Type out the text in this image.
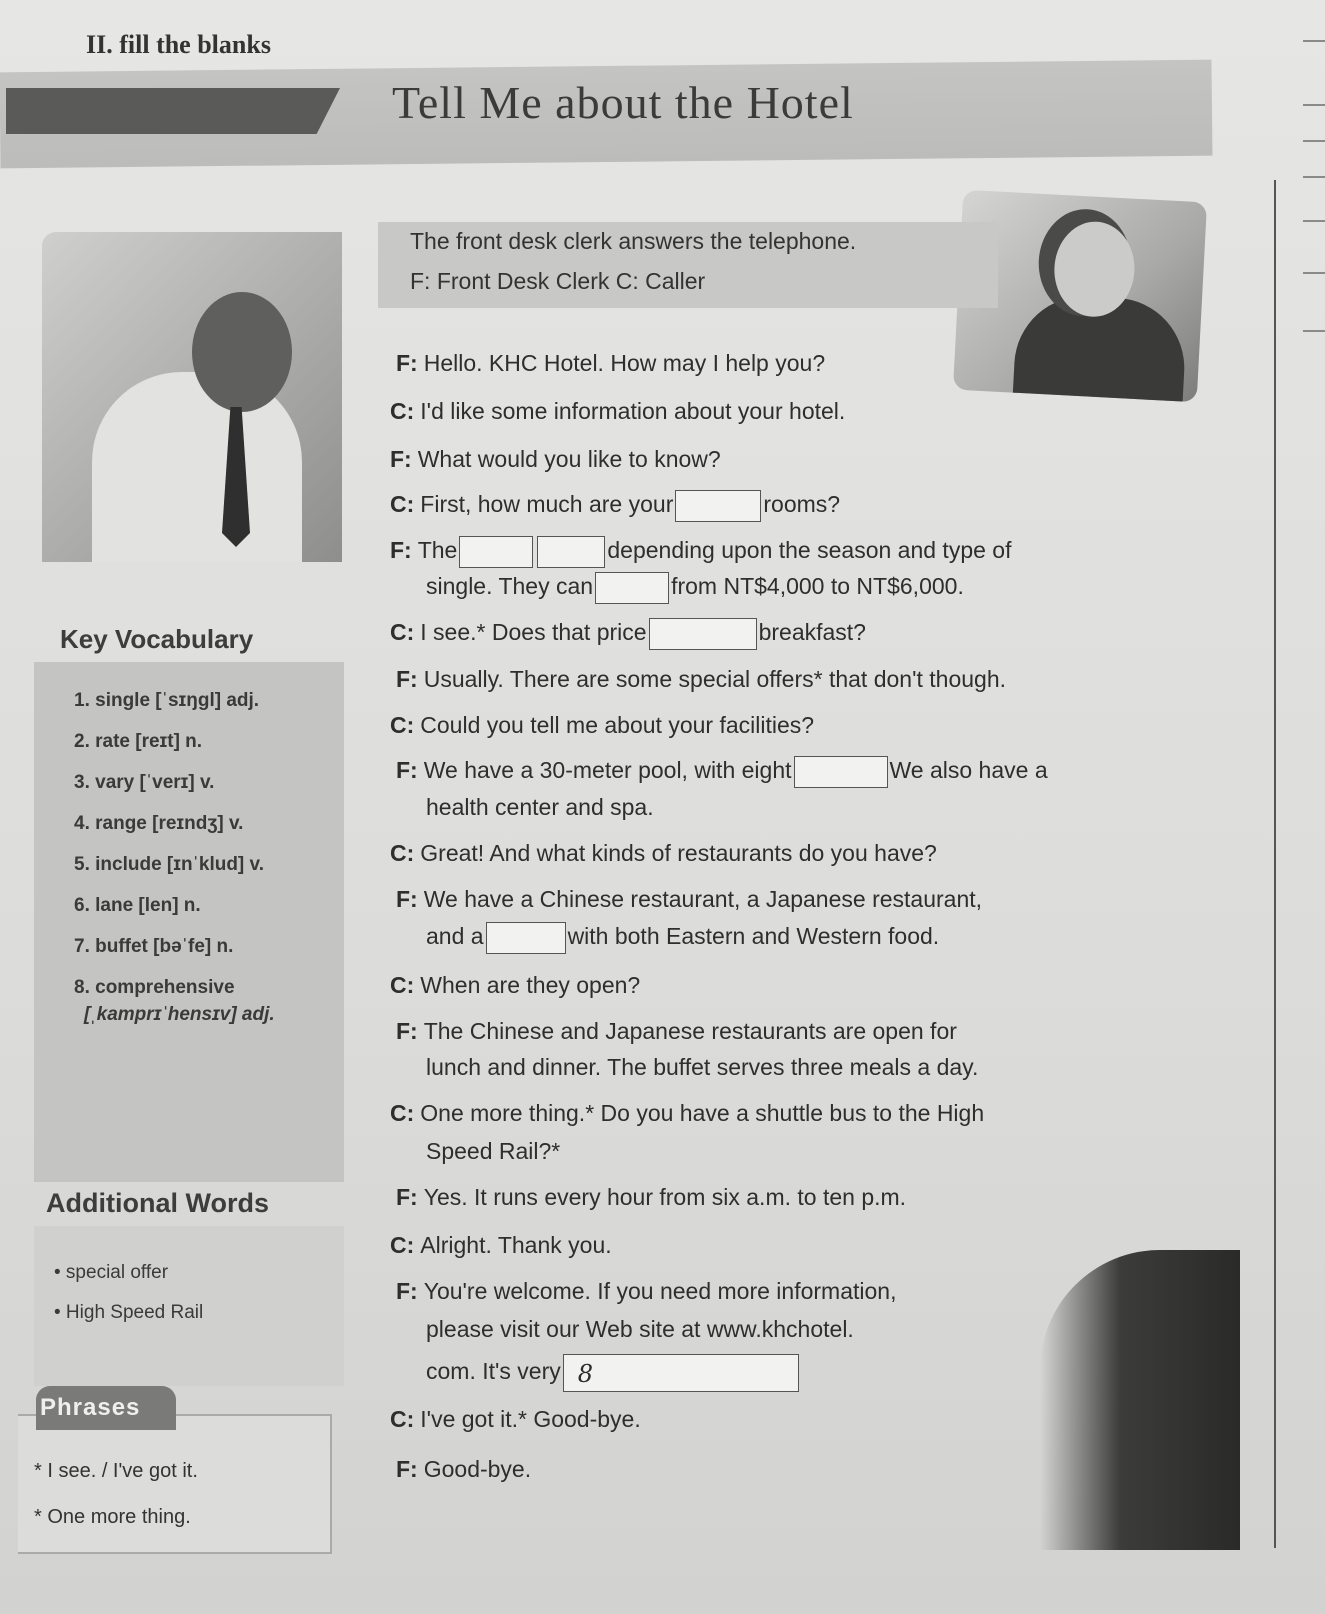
II. fill the blanks
Tell Me about the Hotel
The front desk clerk answers the telephone.
F: Front Desk Clerk C: Caller
Key Vocabulary
1. single [ˈsɪŋgl] adj.
2. rate [reɪt] n.
3. vary [ˈverɪ] v.
4. range [reɪndʒ] v.
5. include [ɪnˈklud] v.
6. lane [len] n.
7. buffet [bəˈfe] n.
8. comprehensive
[ˌkamprɪˈhensɪv] adj.
Additional Words
• special offer
• High Speed Rail
Phrases
* I see. / I've got it.
* One more thing.
F: Hello. KHC Hotel. How may I help you?
C: I'd like some information about your hotel.
F: What would you like to know?
C: First, how much are your	rooms?
F: The	depending upon the season and type of
single. They can	from NT$4,000 to NT$6,000.
C: I see.* Does that price	breakfast?
F: Usually. There are some special offers* that don't though.
C: Could you tell me about your facilities?
F: We have a 30-meter pool, with eight	We also have a
health center and spa.
C: Great! And what kinds of restaurants do you have?
F: We have a Chinese restaurant, a Japanese restaurant,
and a	with both Eastern and Western food.
C: When are they open?
F: The Chinese and Japanese restaurants are open for
lunch and dinner. The buffet serves three meals a day.
C: One more thing.* Do you have a shuttle bus to the High
Speed Rail?*
F: Yes. It runs every hour from six a.m. to ten p.m.
C: Alright. Thank you.
F: You're welcome. If you need more information,
please visit our Web site at www.khchotel.
com. It's very 8
C: I've got it.* Good-bye.
F: Good-bye.
